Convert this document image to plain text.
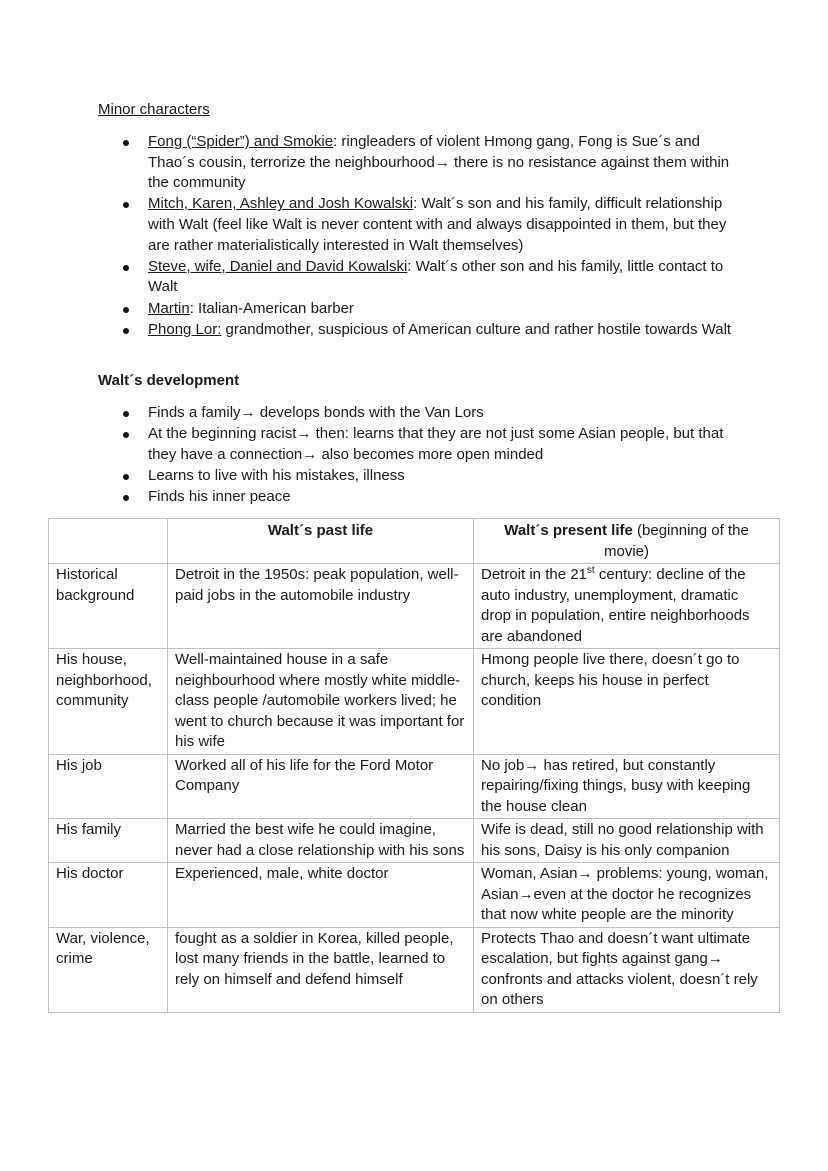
Minor characters
Fong (“Spider”) and Smokie: ringleaders of violent Hmong gang, Fong is Sue´s and Thao´s cousin, terrorize the neighbourhood→ there is no resistance against them within the community
Mitch, Karen, Ashley and Josh Kowalski: Walt´s son and his family, difficult relationship with Walt (feel like Walt is never content with and always disappointed in them, but they are rather materialistically interested in Walt themselves)
Steve, wife, Daniel and David Kowalski: Walt´s other son and his family, little contact to Walt
Martin: Italian-American barber
Phong Lor: grandmother, suspicious of American culture and rather hostile towards Walt
Walt´s development
Finds a family→ develops bonds with the Van Lors
At the beginning racist→ then: learns that they are not just some Asian people, but that they have a connection→ also becomes more open minded
Learns to live with his mistakes, illness
Finds his inner peace
	Walt´s past life	Walt´s present life (beginning of the movie)
Historical background	Detroit in the 1950s: peak population, well-paid jobs in the automobile industry	Detroit in the 21st century: decline of the auto industry, unemployment, dramatic drop in population, entire neighborhoods are abandoned
His house, neighborhood, community	Well-maintained house in a safe neighbourhood where mostly white middle-class people /automobile workers lived; he went to church because it was important for his wife	Hmong people live there, doesn´t go to church, keeps his house in perfect condition
His job	Worked all of his life for the Ford Motor Company	No job→ has retired, but constantly repairing/fixing things, busy with keeping the house clean
His family	Married the best wife he could imagine, never had a close relationship with his sons	Wife is dead, still no good relationship with his sons, Daisy is his only companion
His doctor	Experienced, male, white doctor	Woman, Asian→ problems: young, woman, Asian→even at the doctor he recognizes that now white people are the minority
War, violence, crime	fought as a soldier in Korea, killed people, lost many friends in the battle, learned to rely on himself and defend himself	Protects Thao and doesn´t want ultimate escalation, but fights against gang→ confronts and attacks violent, doesn´t rely on others
